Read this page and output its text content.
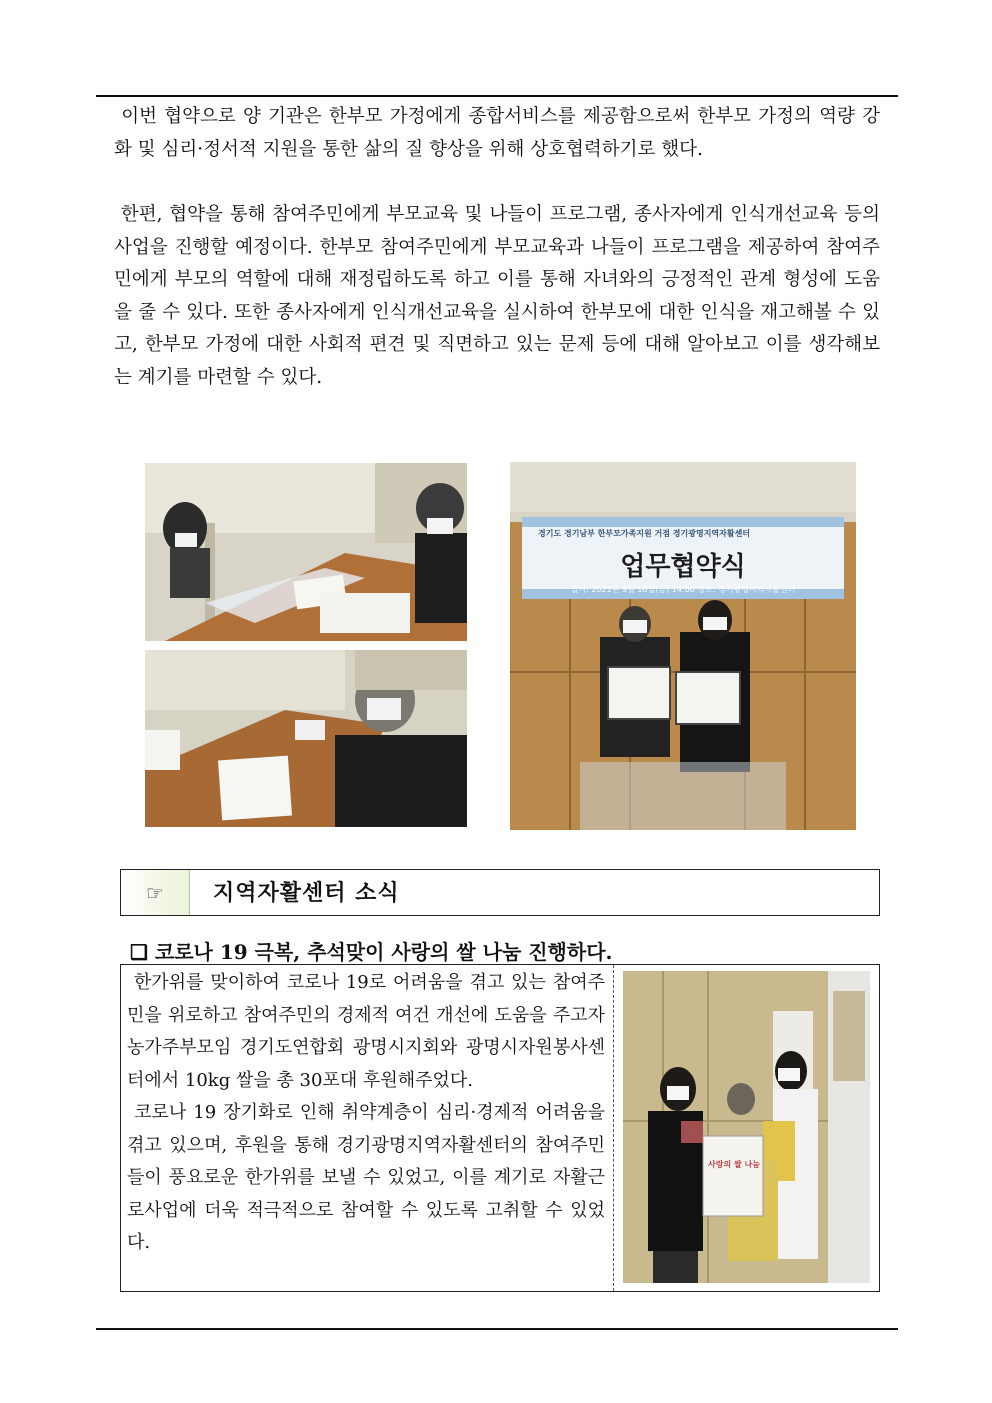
이번 협약으로 양 기관은 한부모 가정에게 종합서비스를 제공함으로써 한부모 가정의 역량 강화 및 심리·정서적 지원을 통한 삶의 질 향상을 위해 상호협력하기로 했다.

한편, 협약을 통해 참여주민에게 부모교육 및 나들이 프로그램, 종사자에게 인식개선교육 등의 사업을 진행할 예정이다. 한부모 참여주민에게 부모교육과 나들이 프로그램을 제공하여 참여주민에게 부모의 역할에 대해 재정립하도록 하고 이를 통해 자녀와의 긍정적인 관계 형성에 도움을 줄 수 있다. 또한 종사자에게 인식개선교육을 실시하여 한부모에 대한 인식을 재고해볼 수 있고, 한부모 가정에 대한 사회적 편견 및 직면하고 있는 문제 등에 대해 알아보고 이를 생각해보는 계기를 마련할 수 있다.

경기도 경기남부 한부모가족지원 거점 경기광명지역자활센터
업무협약식
일시: 2021년 9월 10일(금) 14:00 장소: 경기광명지역자활센터
☞ 지역자활센터 소식
❑ 코로나 19 극복, 추석맞이 사랑의 쌀 나눔 진행하다.

한가위를 맞이하여 코로나 19로 어려움을 겪고 있는 참여주민을 위로하고 참여주민의 경제적 여건 개선에 도움을 주고자 농가주부모임 경기도연합회 광명시지회와 광명시자원봉사센터에서 10kg 쌀을 총 30포대 후원해주었다.

코로나 19 장기화로 인해 취약계층이 심리·경제적 어려움을 겪고 있으며, 후원을 통해 경기광명지역자활센터의 참여주민들이 풍요로운 한가위를 보낼 수 있었고, 이를 계기로 자활근로사업에 더욱 적극적으로 참여할 수 있도록 고취할 수 있었다.

사랑의 쌀 나눔
